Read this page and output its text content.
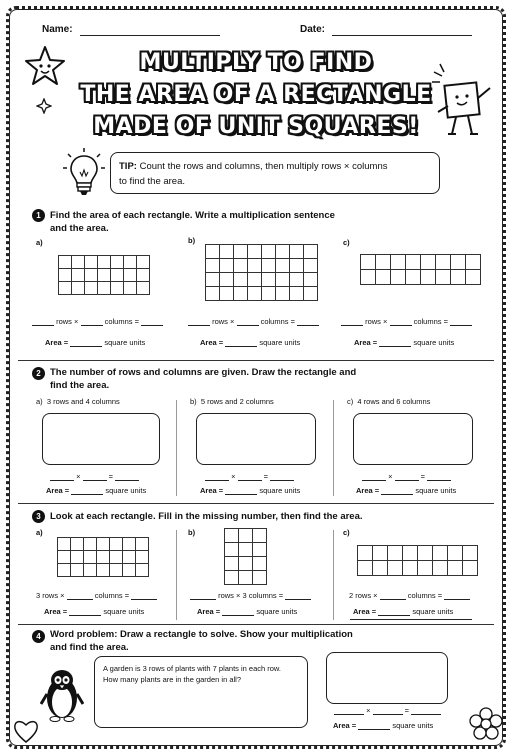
Name:	Date:
MULTIPLY TO FIND
THE AREA OF A RECTANGLE
MADE OF UNIT SQUARES!
TIP: Count the rows and columns, then multiply rows × columns
to find the area.
1 Find the area of each rectangle. Write a multiplication sentence
and the area.
a)	b)	c)

rows ×	columns =
Area =	square units
rows ×	columns =
Area =	square units
rows ×	columns =
Area =	square units
2 The number of rows and columns are given. Draw the rectangle and
find the area.
a) 3 rows and 4 columns	b) 5 rows and 2 columns	c) 4 rows and 6 columns
×	=
Area =	square units
×	=
Area =	square units
×	=
Area =	square units
3 Look at each rectangle. Fill in the missing number, then find the area.
a)	b)	c)

3 rows ×	columns =
Area =	square units
rows × 3 columns =
Area =	square units
2 rows ×	columns =
Area =	square units
4 Word problem: Draw a rectangle to solve. Show your multiplication
and find the area.
A garden is 3 rows of plants with 7 plants in each row.
How many plants are in the garden in all?
×	=
Area =	square units
